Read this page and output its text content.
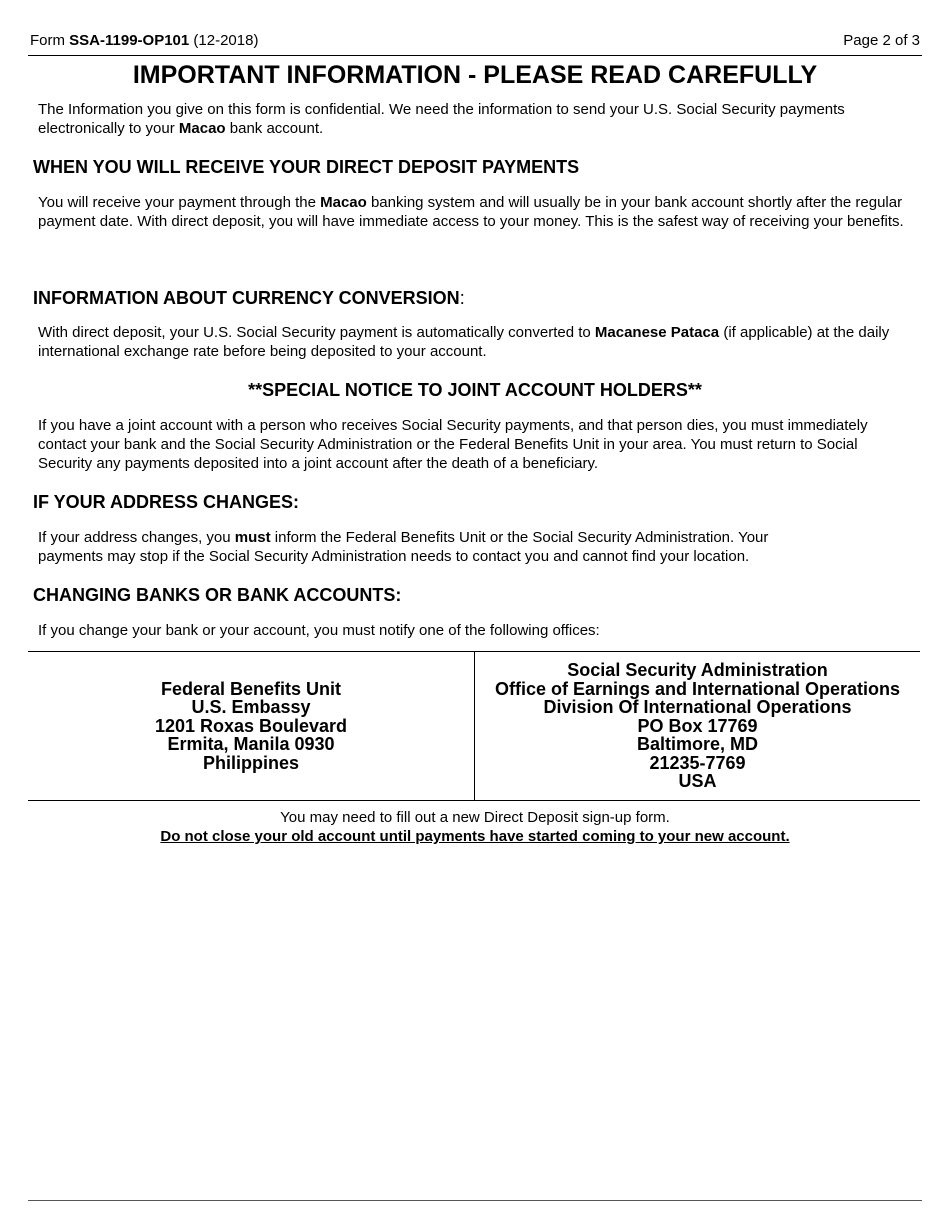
Form SSA-1199-OP101 (12-2018)	Page 2 of 3
IMPORTANT INFORMATION - PLEASE READ CAREFULLY

The Information you give on this form is confidential. We need the information to send your U.S. Social Security payments electronically to your Macao bank account.

WHEN YOU WILL RECEIVE YOUR DIRECT DEPOSIT PAYMENTS

You will receive your payment through the Macao banking system and will usually be in your bank account shortly after the regular payment date. With direct deposit, you will have immediate access to your money. This is the safest way of receiving your benefits.

INFORMATION ABOUT CURRENCY CONVERSION:

With direct deposit, your U.S. Social Security payment is automatically converted to Macanese Pataca (if applicable) at the daily international exchange rate before being deposited to your account.

**SPECIAL NOTICE TO JOINT ACCOUNT HOLDERS**

If you have a joint account with a person who receives Social Security payments, and that person dies, you must immediately contact your bank and the Social Security Administration or the Federal Benefits Unit in your area. You must return to Social Security any payments deposited into a joint account after the death of a beneficiary.

IF YOUR ADDRESS CHANGES:

If your address changes, you must inform the Federal Benefits Unit or the Social Security Administration. Your
payments may stop if the Social Security Administration needs to contact you and cannot find your location.

CHANGING BANKS OR BANK ACCOUNTS:

If you change your bank or your account, you must notify one of the following offices:

Federal Benefits Unit
U.S. Embassy
1201 Roxas Boulevard
Ermita, Manila 0930
Philippines
Social Security Administration
Office of Earnings and International Operations
Division Of International Operations
PO Box 17769
Baltimore, MD
21235-7769
USA
You may need to fill out a new Direct Deposit sign-up form.
Do not close your old account until payments have started coming to your new account.
